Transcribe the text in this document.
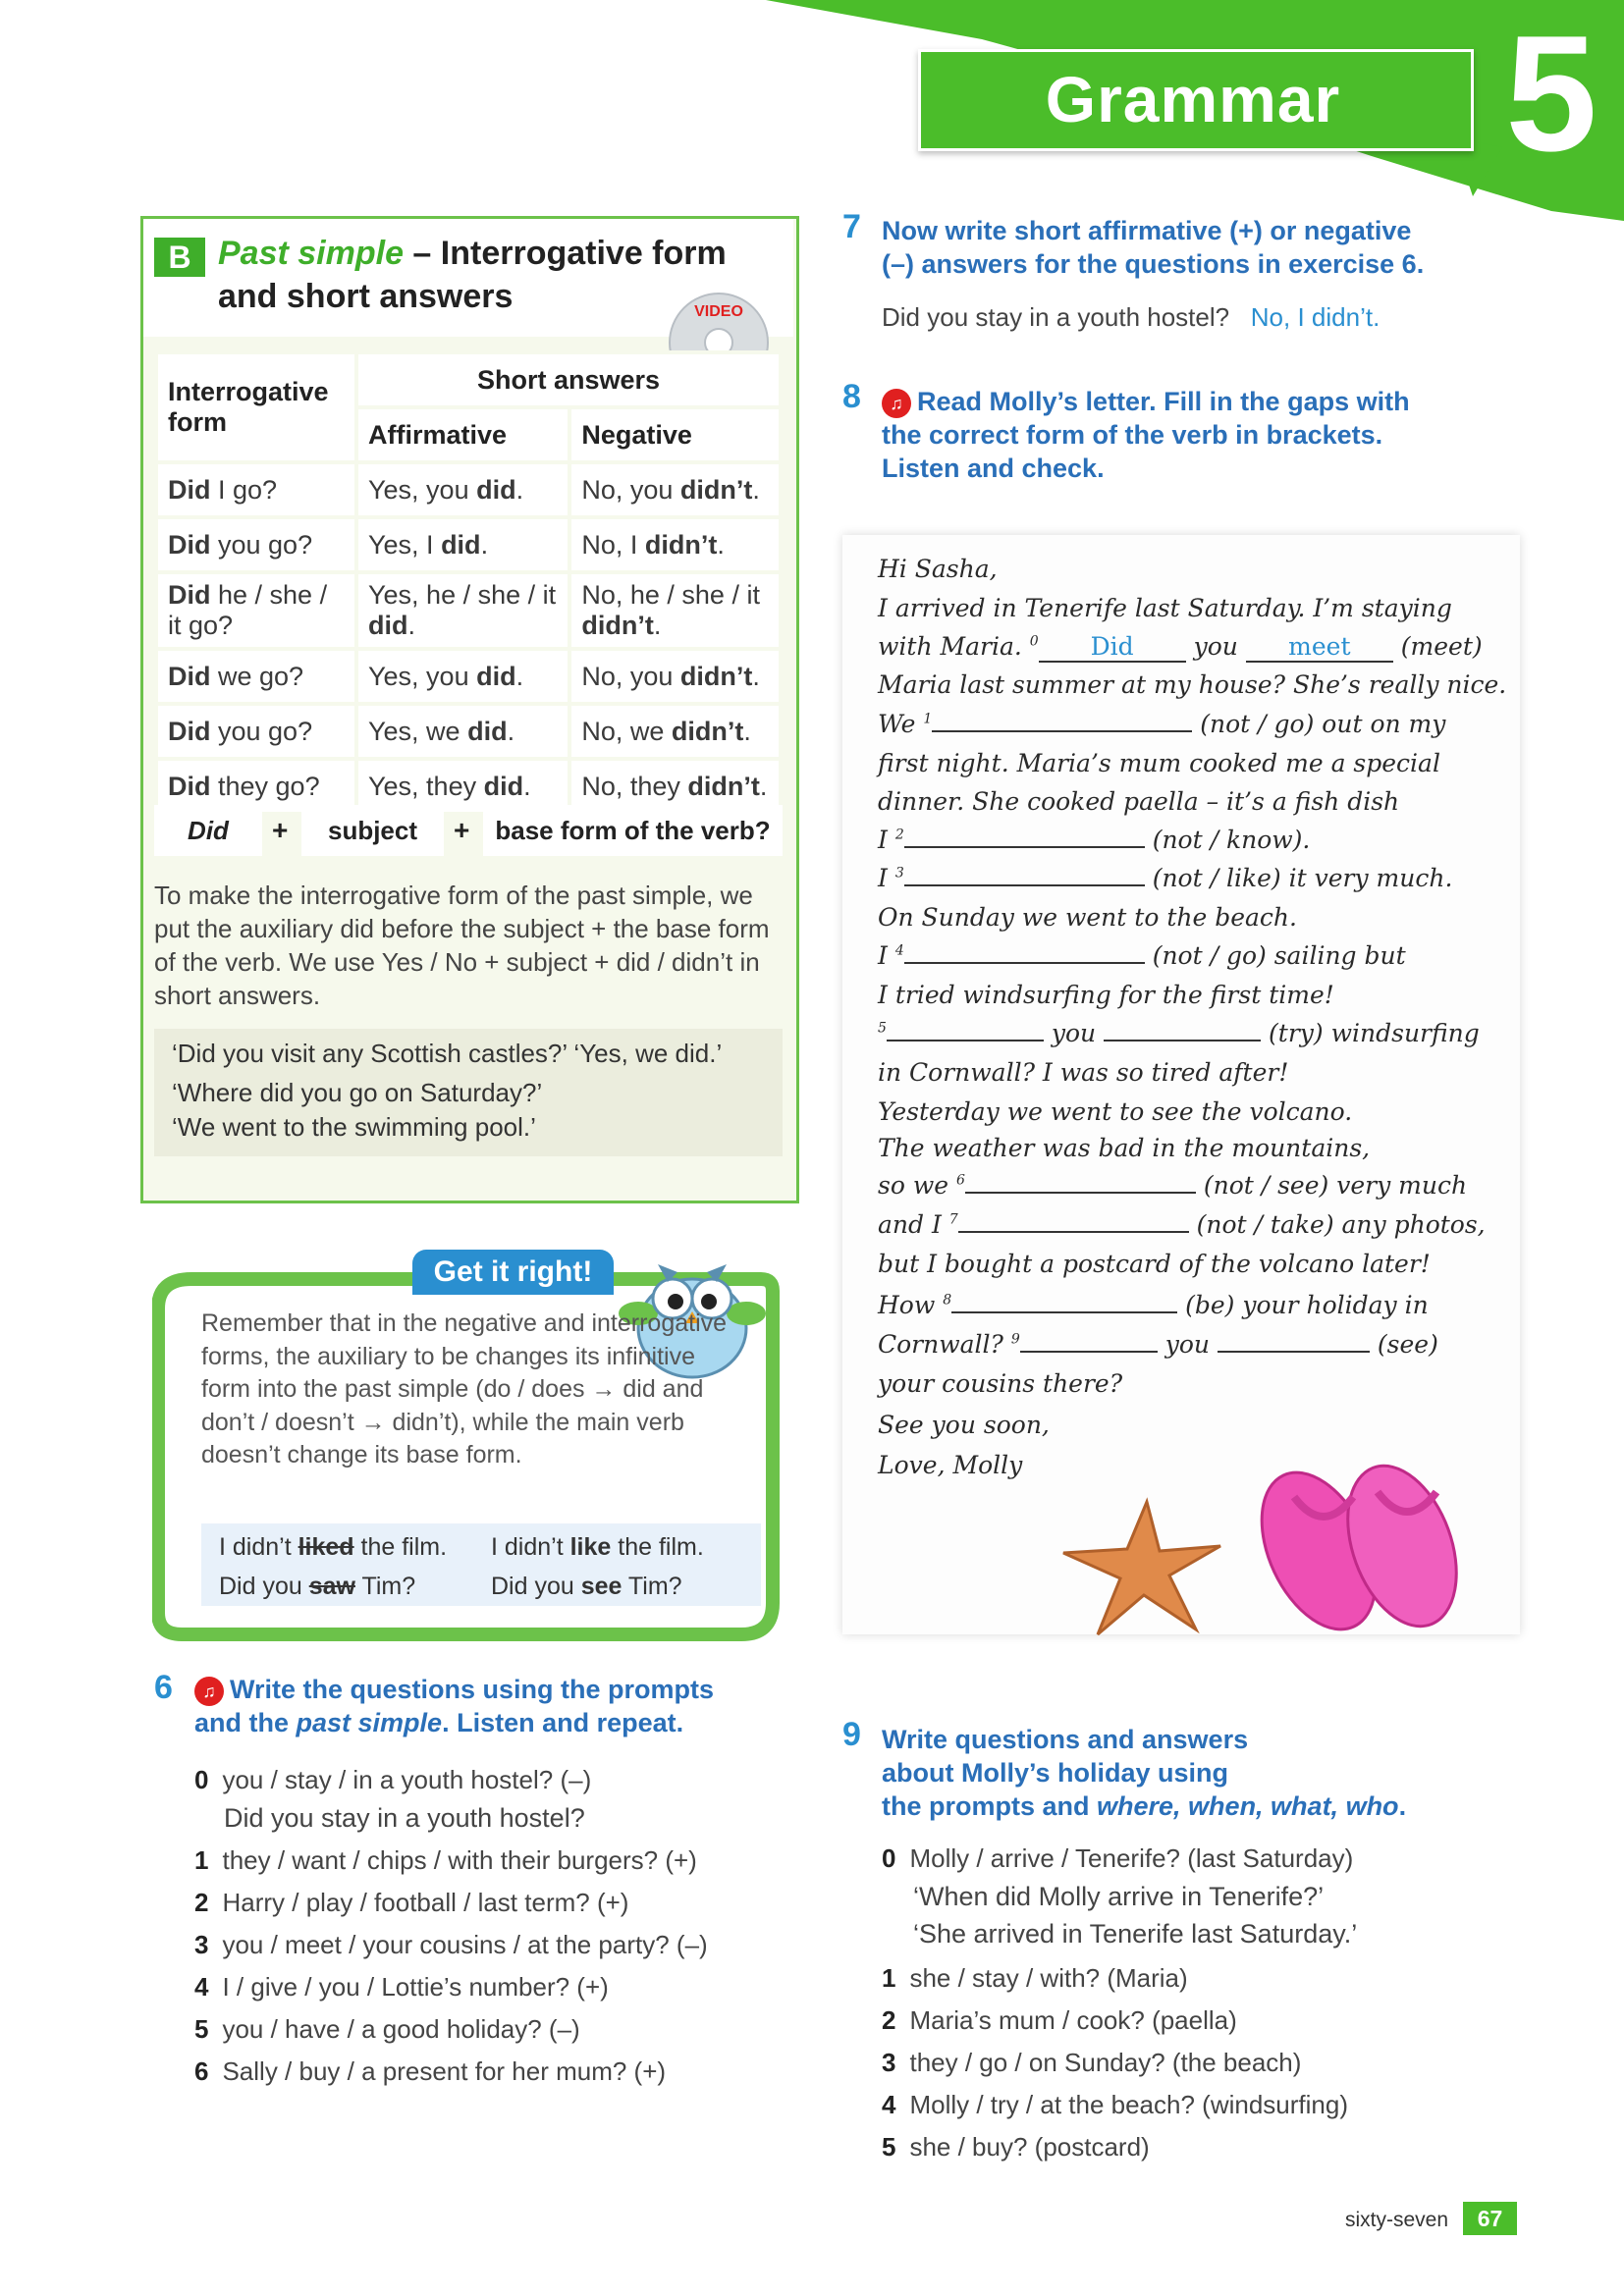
Grammar	5
B Past simple – Interrogative form and short answers	VIDEO
Interrogative form	Short answers	
	Affirmative	Negative
Did I go?	Yes, you did.	No, you didn’t.
Did you go?	Yes, I did.	No, I didn’t.
Did he / she / it go?	Yes, he / she / it did.	No, he / she / it didn’t.
Did we go?	Yes, you did.	No, you didn’t.
Did you go?	Yes, we did.	No, we didn’t.
Did they go?	Yes, they did.	No, they didn’t.
Did	+	subject	+	base form of the verb?
To make the interrogative form of the past simple, we put the auxiliary did before the subject + the base form of the verb. We use Yes / No + subject + did / didn’t in short answers.
‘Did you visit any Scottish castles?’ ‘Yes, we did.’
‘Where did you go on Saturday?’
‘We went to the swimming pool.’
Get it right!
Remember that in the negative and interrogative forms, the auxiliary to be changes its infinitive form into the past simple (do / does → did and don’t / doesn’t → didn’t), while the main verb doesn’t change its base form.
I didn’t liked the film. I didn’t like the film.
Did you saw Tim?	Did you see Tim?
6	♫ Write the questions using the prompts
and the past simple. Listen and repeat.
0 you / stay / in a youth hostel? (–)
Did you stay in a youth hostel?
1 they / want / chips / with their burgers? (+)
2 Harry / play / football / last term? (+)
3 you / meet / your cousins / at the party? (–)
4 I / give / you / Lottie’s number? (+)
5 you / have / a good holiday? (–)
6 Sally / buy / a present for her mum? (+)
7 Now write short affirmative (+) or negative
(–) answers for the questions in exercise 6.
Did you stay in a youth hostel? No, I didn’t.
8	♫ Read Molly’s letter. Fill in the gaps with
the correct form of the verb in brackets.
Listen and check.
Hi Sasha,
I arrived in Tenerife last Saturday. I’m staying
with Maria. $^0$ Did you meet (meet)
Maria last summer at my house? She’s really nice.
We $^1$	(not / go) out on my
first night. Maria’s mum cooked me a special
dinner. She cooked paella – it’s a fish dish
I $^2$	(not / know).
I $^3$	(not / like) it very much.
On Sunday we went to the beach.
I $^4$	(not / go) sailing but
I tried windsurfing for the first time!
$^5$	you	(try) windsurfing
in Cornwall? I was so tired after!
Yesterday we went to see the volcano.
The weather was bad in the mountains,
so we $^6$	(not / see) very much
and I $^7$	(not / take) any photos,
but I bought a postcard of the volcano later!
How $^8$	(be) your holiday in
Cornwall? $^9$	you	(see)
your cousins there?
See you soon,
Love, Molly
9 Write questions and answers
about Molly’s holiday using
the prompts and where, when, what, who.
0 Molly / arrive / Tenerife? (last Saturday)
‘When did Molly arrive in Tenerife?’
‘She arrived in Tenerife last Saturday.’
1 she / stay / with? (Maria)
2 Maria’s mum / cook? (paella)
3 they / go / on Sunday? (the beach)
4 Molly / try / at the beach? (windsurfing)
5 she / buy? (postcard)
sixty-seven	67
